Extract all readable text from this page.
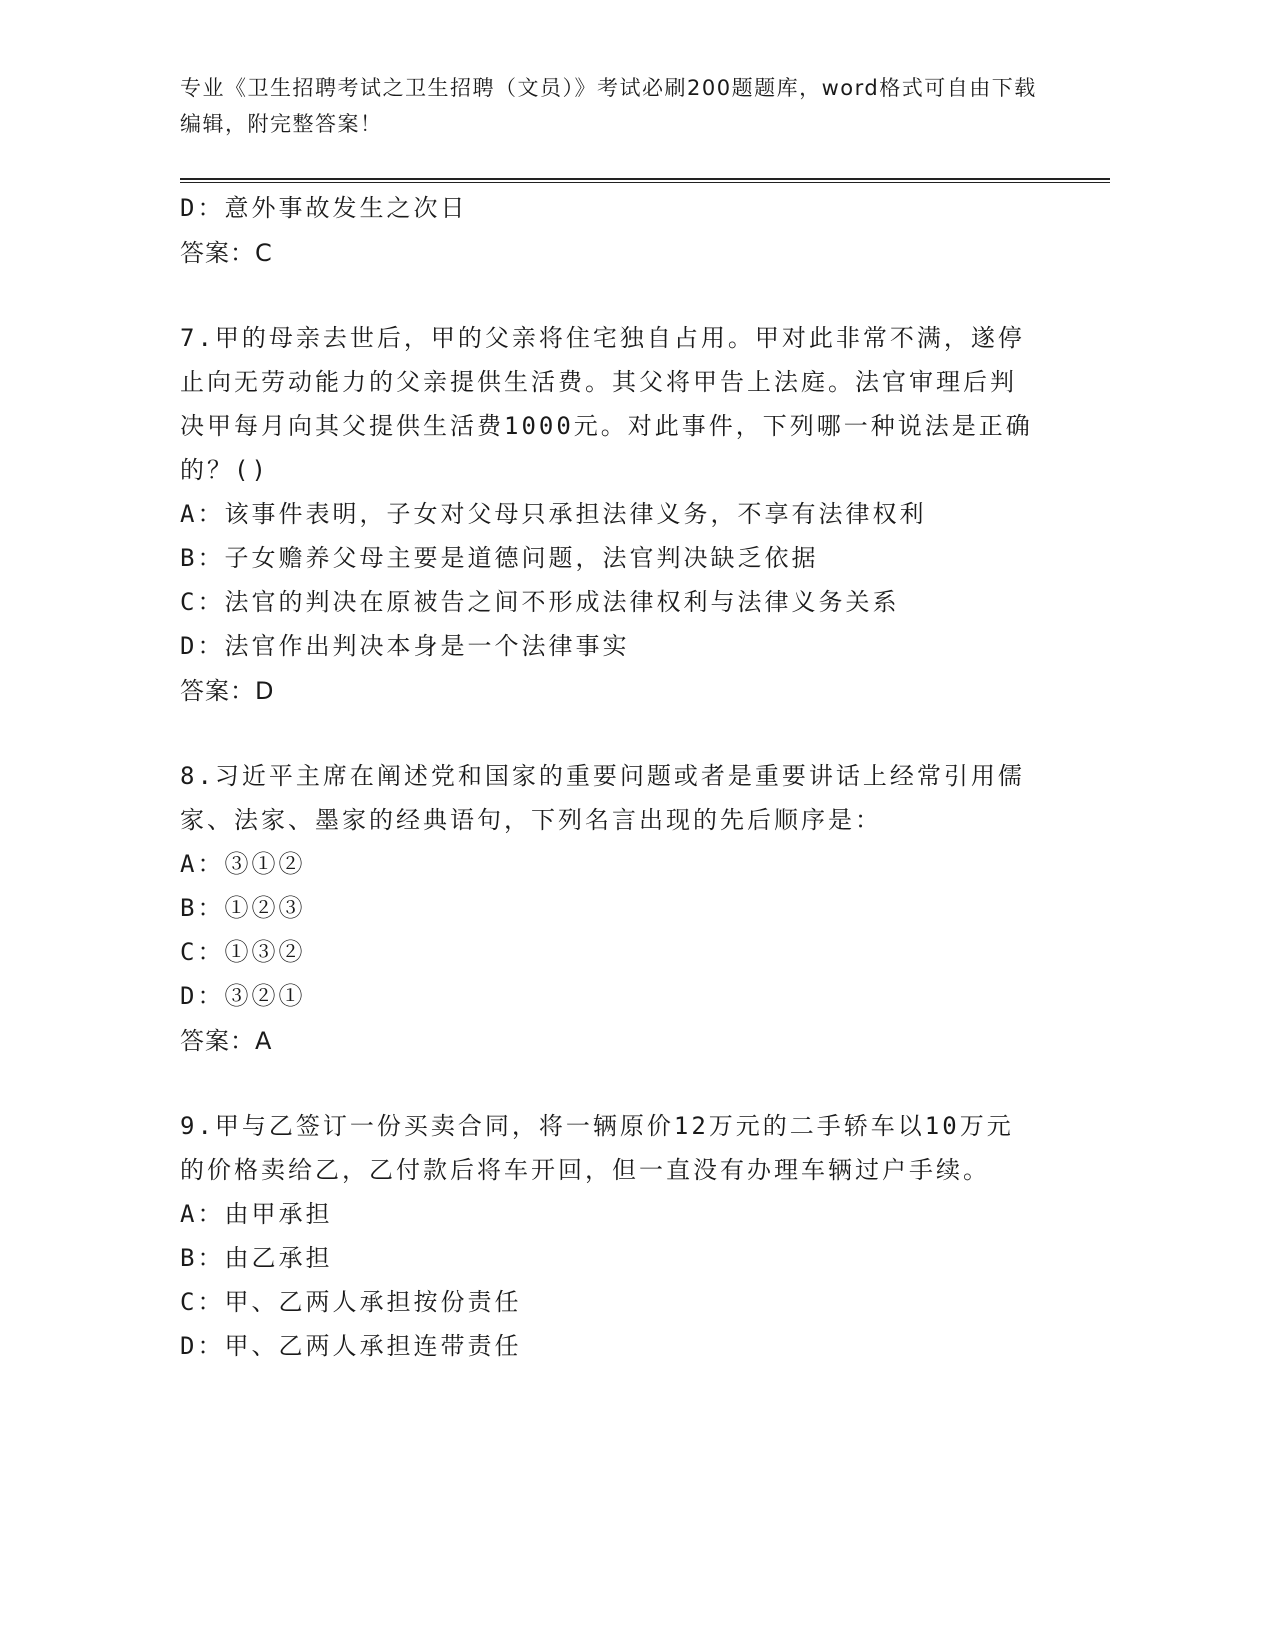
专业《卫生招聘考试之卫生招聘（文员）》考试必刷200题题库，word格式可自由下载编辑，附完整答案！
D：意外事故发生之次日
答案：C
7.甲的母亲去世后，甲的父亲将住宅独自占用。甲对此非常不满，遂停止向无劳动能力的父亲提供生活费。其父将甲告上法庭。法官审理后判决甲每月向其父提供生活费1000元。对此事件，下列哪一种说法是正确的？()
A：该事件表明，子女对父母只承担法律义务，不享有法律权利
B：子女赡养父母主要是道德问题，法官判决缺乏依据
C：法官的判决在原被告之间不形成法律权利与法律义务关系
D：法官作出判决本身是一个法律事实
答案：D
8.习近平主席在阐述党和国家的重要问题或者是重要讲话上经常引用儒家、法家、墨家的经典语句，下列名言出现的先后顺序是：
A：③①②
B：①②③
C：①③②
D：③②①
答案：A
9.甲与乙签订一份买卖合同，将一辆原价12万元的二手轿车以10万元的价格卖给乙，乙付款后将车开回，但一直没有办理车辆过户手续。
A：由甲承担
B：由乙承担
C：甲、乙两人承担按份责任
D：甲、乙两人承担连带责任
